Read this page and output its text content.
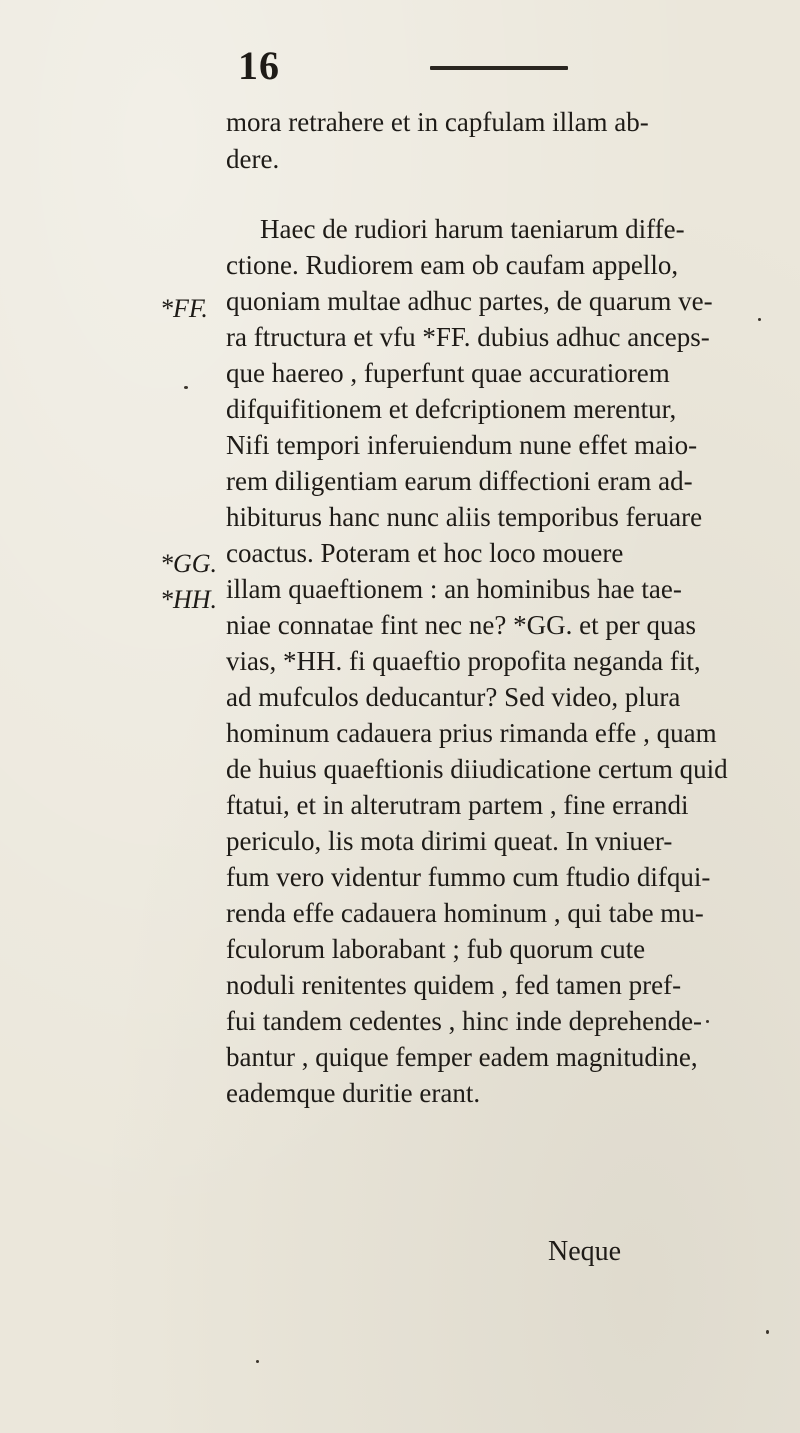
16
*FF.
*GG.
*HH.
mora retrahere et in capfulam illam ab-
dere.
Haec de rudiori harum taeniarum diffe-
ctione. Rudiorem eam ob caufam appello,
quoniam multae adhuc partes, de quarum ve-
ra ftructura et vfu *FF. dubius adhuc anceps-
que haereo , fuperfunt quae accuratiorem
difquifitionem et defcriptionem merentur,
Nifi tempori inferuiendum nune effet maio-
rem diligentiam earum diffectioni eram ad-
hibiturus hanc nunc aliis temporibus feruare
coactus. Poteram et hoc loco mouere
illam quaeftionem : an hominibus hae tae-
niae connatae fint nec ne? *GG. et per quas
vias, *HH. fi quaeftio propofita neganda fit,
ad mufculos deducantur? Sed video, plura
hominum cadauera prius rimanda effe , quam
de huius quaeftionis diiudicatione certum quid
ftatui, et in alterutram partem , fine errandi
periculo, lis mota dirimi queat. In vniuer-
fum vero videntur fummo cum ftudio difqui-
renda effe cadauera hominum , qui tabe mu-
fculorum laborabant ; fub quorum cute
noduli renitentes quidem , fed tamen pref-
fui tandem cedentes , hinc inde deprehende-
bantur , quique femper eadem magnitudine,
eademque duritie erant.
Neque
